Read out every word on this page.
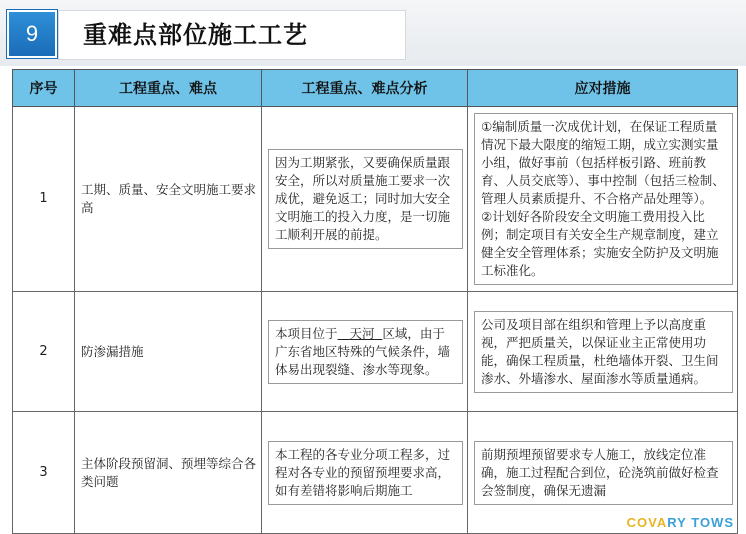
9	重难点部位施工工艺
序号	工程重点、难点	工程重点、难点分析	应对措施
1	工期、质量、安全文明施工要求高	因为工期紧张，又要确保质量跟安全，所以对质量施工要求一次成优，避免返工；同时加大安全文明施工的投入力度，是一切施工顺利开展的前提。	①编制质量一次成优计划，在保证工程质量情况下最大限度的缩短工期，成立实测实量小组，做好事前（包括样板引路、班前教育、人员交底等）、事中控制（包括三检制、管理人员素质提升、不合格产品处理等）。
②计划好各阶段安全文明施工费用投入比例；制定项目有关安全生产规章制度，建立健全安全管理体系；实施安全防护及文明施工标准化。

2	防渗漏措施	本项目位于 天河 区域，由于广东省地区特殊的气候条件，墙体易出现裂缝、渗水等现象。	公司及项目部在组织和管理上予以高度重视，严把质量关，以保证业主正常使用功能，确保工程质量，杜绝墙体开裂、卫生间渗水、外墙渗水、屋面渗水等质量通病。

3	主体阶段预留洞、预埋等综合各类问题	本工程的各专业分项工程多，过程对各专业的预留预埋要求高，如有差错将影响后期施工	前期预埋预留要求专人施工，放线定位准确，施工过程配合到位，砼浇筑前做好检查会签制度，确保无遗漏
COVARY TOWS
